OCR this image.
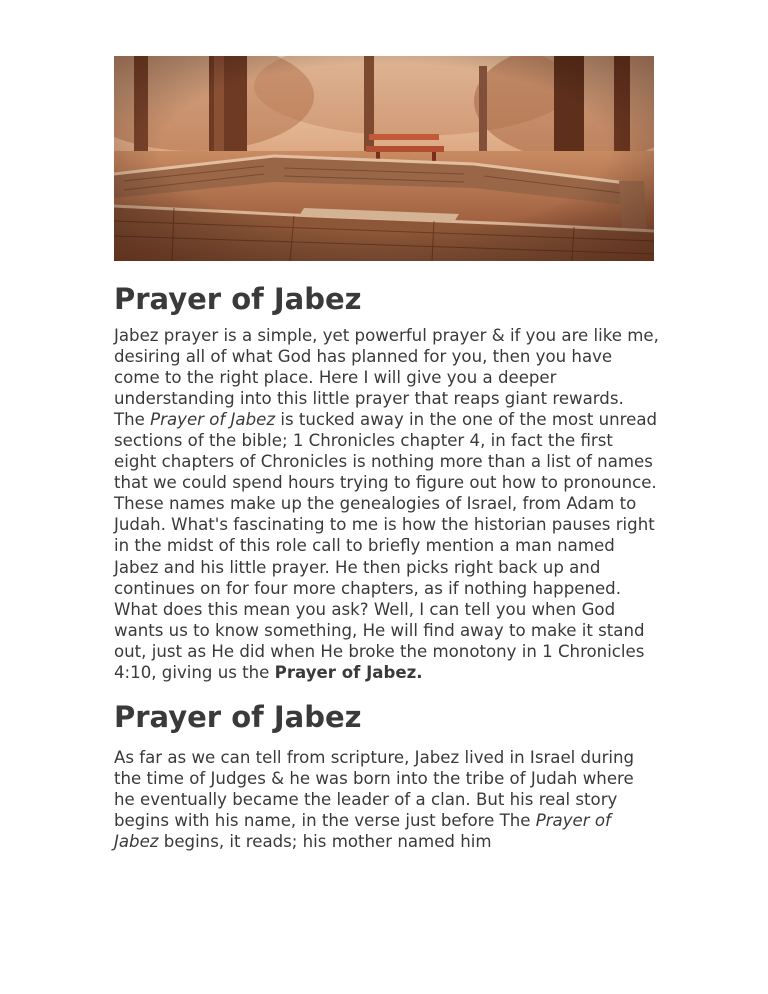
Prayer of Jabez

Jabez prayer is a simple, yet powerful prayer & if you are like me, desiring all of what God has planned for you, then you have come to the right place. Here I will give you a deeper understanding into this little prayer that reaps giant rewards. The Prayer of Jabez is tucked away in the one of the most unread sections of the bible; 1 Chronicles chapter 4, in fact the first eight chapters of Chronicles is nothing more than a list of names that we could spend hours trying to figure out how to pronounce. These names make up the genealogies of Israel, from Adam to Judah. What's fascinating to me is how the historian pauses right in the midst of this role call to briefly mention a man named Jabez and his little prayer. He then picks right back up and continues on for four more chapters, as if nothing happened. What does this mean you ask? Well, I can tell you when God wants us to know something, He will find away to make it stand out, just as He did when He broke the monotony in 1 Chronicles 4:10, giving us the Prayer of Jabez.

Prayer of Jabez

As far as we can tell from scripture, Jabez lived in Israel during the time of Judges & he was born into the tribe of Judah where he eventually became the leader of a clan. But his real story begins with his name, in the verse just before The Prayer of Jabez begins, it reads; his mother named him
